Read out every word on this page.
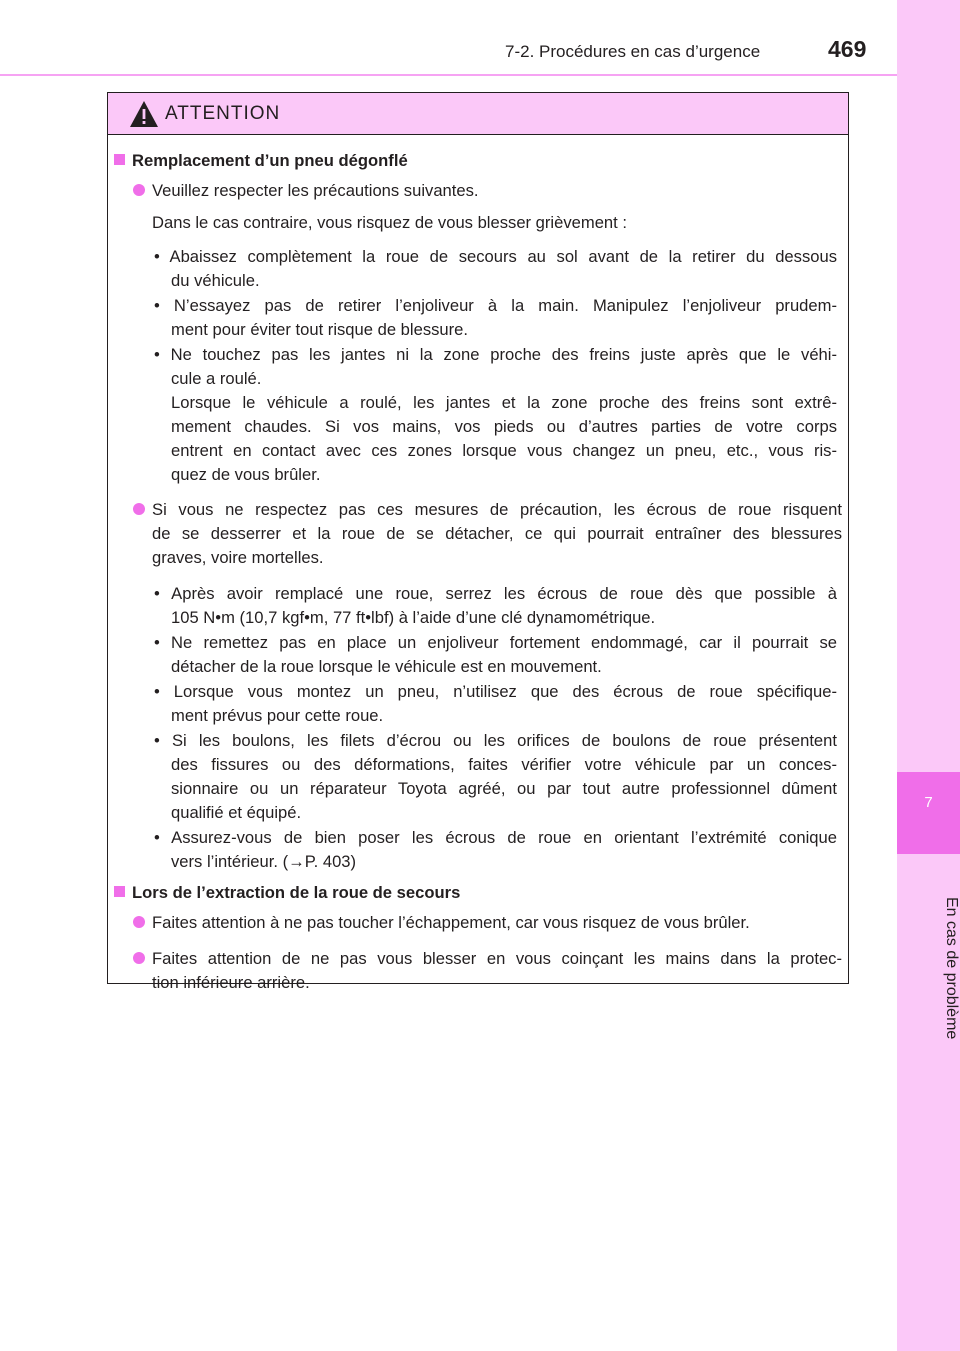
7-2. Procédures en cas d’urgence	469
7
En cas de problème
ATTENTION
Remplacement d’un pneu dégonflé
Veuillez respecter les précautions suivantes.
Dans le cas contraire, vous risquez de vous blesser grièvement :
• Abaissez complètement la roue de secours au sol avant de la retirer du dessous
du véhicule.
• N’essayez pas de retirer l’enjoliveur à la main. Manipulez l’enjoliveur prudem-
ment pour éviter tout risque de blessure.
• Ne touchez pas les jantes ni la zone proche des freins juste après que le véhi-
cule a roulé.
Lorsque le véhicule a roulé, les jantes et la zone proche des freins sont extrê-
mement chaudes. Si vos mains, vos pieds ou d’autres parties de votre corps
entrent en contact avec ces zones lorsque vous changez un pneu, etc., vous ris-
quez de vous brûler.
Si vous ne respectez pas ces mesures de précaution, les écrous de roue risquent
de se desserrer et la roue de se détacher, ce qui pourrait entraîner des blessures
graves, voire mortelles.
• Après avoir remplacé une roue, serrez les écrous de roue dès que possible à
105 N•m (10,7 kgf•m, 77 ft•lbf) à l’aide d’une clé dynamométrique.
• Ne remettez pas en place un enjoliveur fortement endommagé, car il pourrait se
détacher de la roue lorsque le véhicule est en mouvement.
• Lorsque vous montez un pneu, n’utilisez que des écrous de roue spécifique-
ment prévus pour cette roue.
• Si les boulons, les filets d’écrou ou les orifices de boulons de roue présentent
des fissures ou des déformations, faites vérifier votre véhicule par un conces-
sionnaire ou un réparateur Toyota agréé, ou par tout autre professionnel dûment
qualifié et équipé.
• Assurez-vous de bien poser les écrous de roue en orientant l’extrémité conique
vers l’intérieur. (→P. 403)
Lors de l’extraction de la roue de secours
Faites attention à ne pas toucher l’échappement, car vous risquez de vous brûler.
Faites attention de ne pas vous blesser en vous coinçant les mains dans la protec-
tion inférieure arrière.
